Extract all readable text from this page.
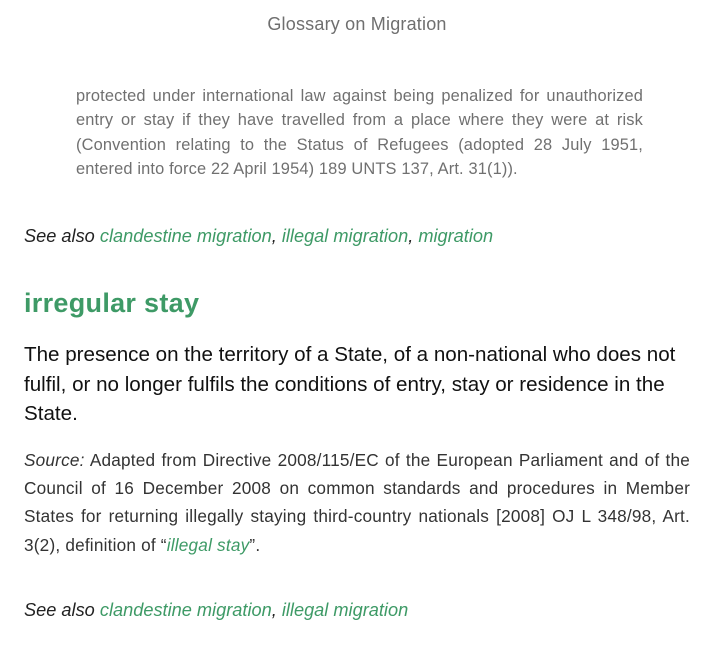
Glossary on Migration
protected under international law against being penalized for unauthorized entry or stay if they have travelled from a place where they were at risk (Convention relating to the Status of Refugees (adopted 28 July 1951, entered into force 22 April 1954) 189 UNTS 137, Art. 31(1)).
See also clandestine migration, illegal migration, migration
irregular stay

The presence on the territory of a State, of a non-national who does not fulfil, or no longer fulfils the conditions of entry, stay or residence in the State.

Source: Adapted from Directive 2008/115/EC of the European Parliament and of the Council of 16 December 2008 on common standards and procedures in Member States for returning illegally staying third-country nationals [2008] OJ L 348/98, Art. 3(2), definition of “illegal stay”.

See also clandestine migration, illegal migration
